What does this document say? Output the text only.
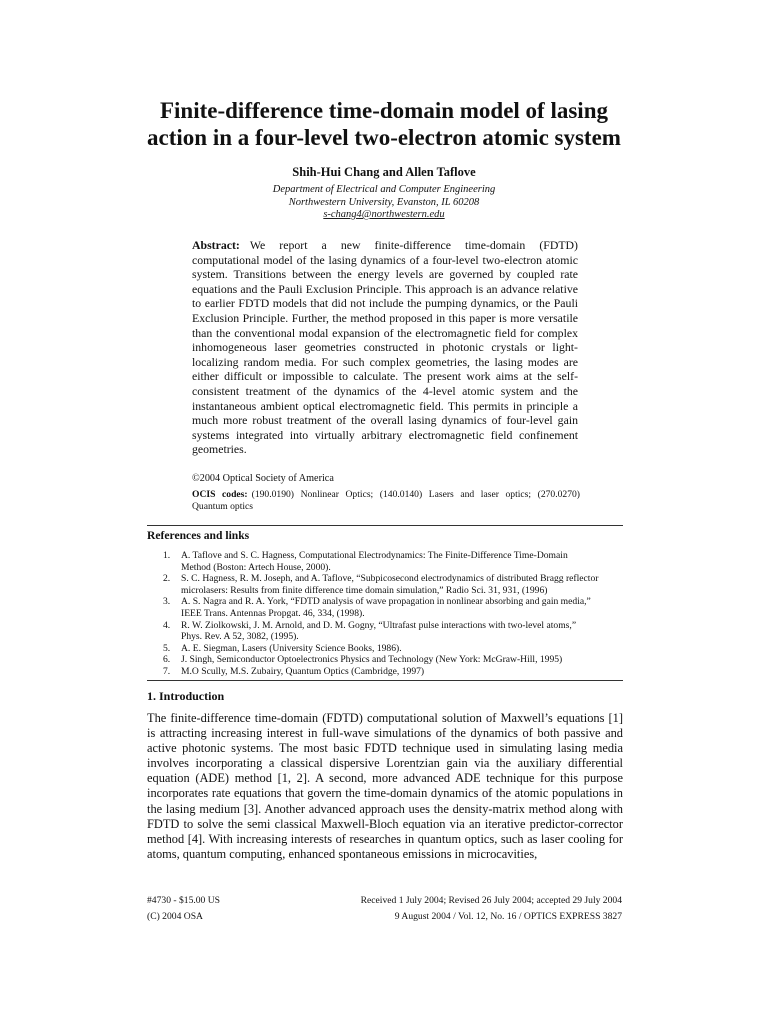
Finite-difference time-domain model of lasing
action in a four-level two-electron atomic system
Shih-Hui Chang and Allen Taflove
Department of Electrical and Computer Engineering
Northwestern University, Evanston, IL 60208
s-chang4@northwestern.edu
Abstract: We report a new finite-difference time-domain (FDTD) computational model of the lasing dynamics of a four-level two-electron atomic system. Transitions between the energy levels are governed by coupled rate equations and the Pauli Exclusion Principle. This approach is an advance relative to earlier FDTD models that did not include the pumping dynamics, or the Pauli Exclusion Principle. Further, the method proposed in this paper is more versatile than the conventional modal expansion of the electromagnetic field for complex inhomogeneous laser geometries constructed in photonic crystals or light-localizing random media. For such complex geometries, the lasing modes are either difficult or impossible to calculate. The present work aims at the self-consistent treatment of the dynamics of the 4-level atomic system and the instantaneous ambient optical electromagnetic field. This permits in principle a much more robust treatment of the overall lasing dynamics of four-level gain systems integrated into virtually arbitrary electromagnetic field confinement geometries.
©2004 Optical Society of America
OCIS codes: (190.0190) Nonlinear Optics; (140.0140) Lasers and laser optics; (270.0270) Quantum optics
References and links
1.	A. Taflove and S. C. Hagness, Computational Electrodynamics: The Finite-Difference Time-Domain
Method (Boston: Artech House, 2000).
2.	S. C. Hagness, R. M. Joseph, and A. Taflove, “Subpicosecond electrodynamics of distributed Bragg reflector
microlasers: Results from finite difference time domain simulation,” Radio Sci. 31, 931, (1996)
3.	A. S. Nagra and R. A. York, “FDTD analysis of wave propagation in nonlinear absorbing and gain media,”
IEEE Trans. Antennas Propgat. 46, 334, (1998).
4.	R. W. Ziolkowski, J. M. Arnold, and D. M. Gogny, “Ultrafast pulse interactions with two-level atoms,”
Phys. Rev. A 52, 3082, (1995).
5.	A. E. Siegman, Lasers (University Science Books, 1986).
6.	J. Singh, Semiconductor Optoelectronics Physics and Technology (New York: McGraw-Hill, 1995)
7.	M.O Scully, M.S. Zubairy, Quantum Optics (Cambridge, 1997)
1. Introduction
The finite-difference time-domain (FDTD) computational solution of Maxwell’s equations [1] is attracting increasing interest in full-wave simulations of the dynamics of both passive and active photonic systems. The most basic FDTD technique used in simulating lasing media involves incorporating a classical dispersive Lorentzian gain via the auxiliary differential equation (ADE) method [1, 2]. A second, more advanced ADE technique for this purpose incorporates rate equations that govern the time-domain dynamics of the atomic populations in the lasing medium [3]. Another advanced approach uses the density-matrix method along with FDTD to solve the semi classical Maxwell-Bloch equation via an iterative predictor-corrector method [4]. With increasing interests of researches in quantum optics, such as laser cooling for atoms, quantum computing, enhanced spontaneous emissions in microcavities,
#4730 - $15.00 US
(C) 2004 OSA
Received 1 July 2004; Revised 26 July 2004; accepted 29 July 2004
9 August 2004 / Vol. 12, No. 16 / OPTICS EXPRESS 3827
